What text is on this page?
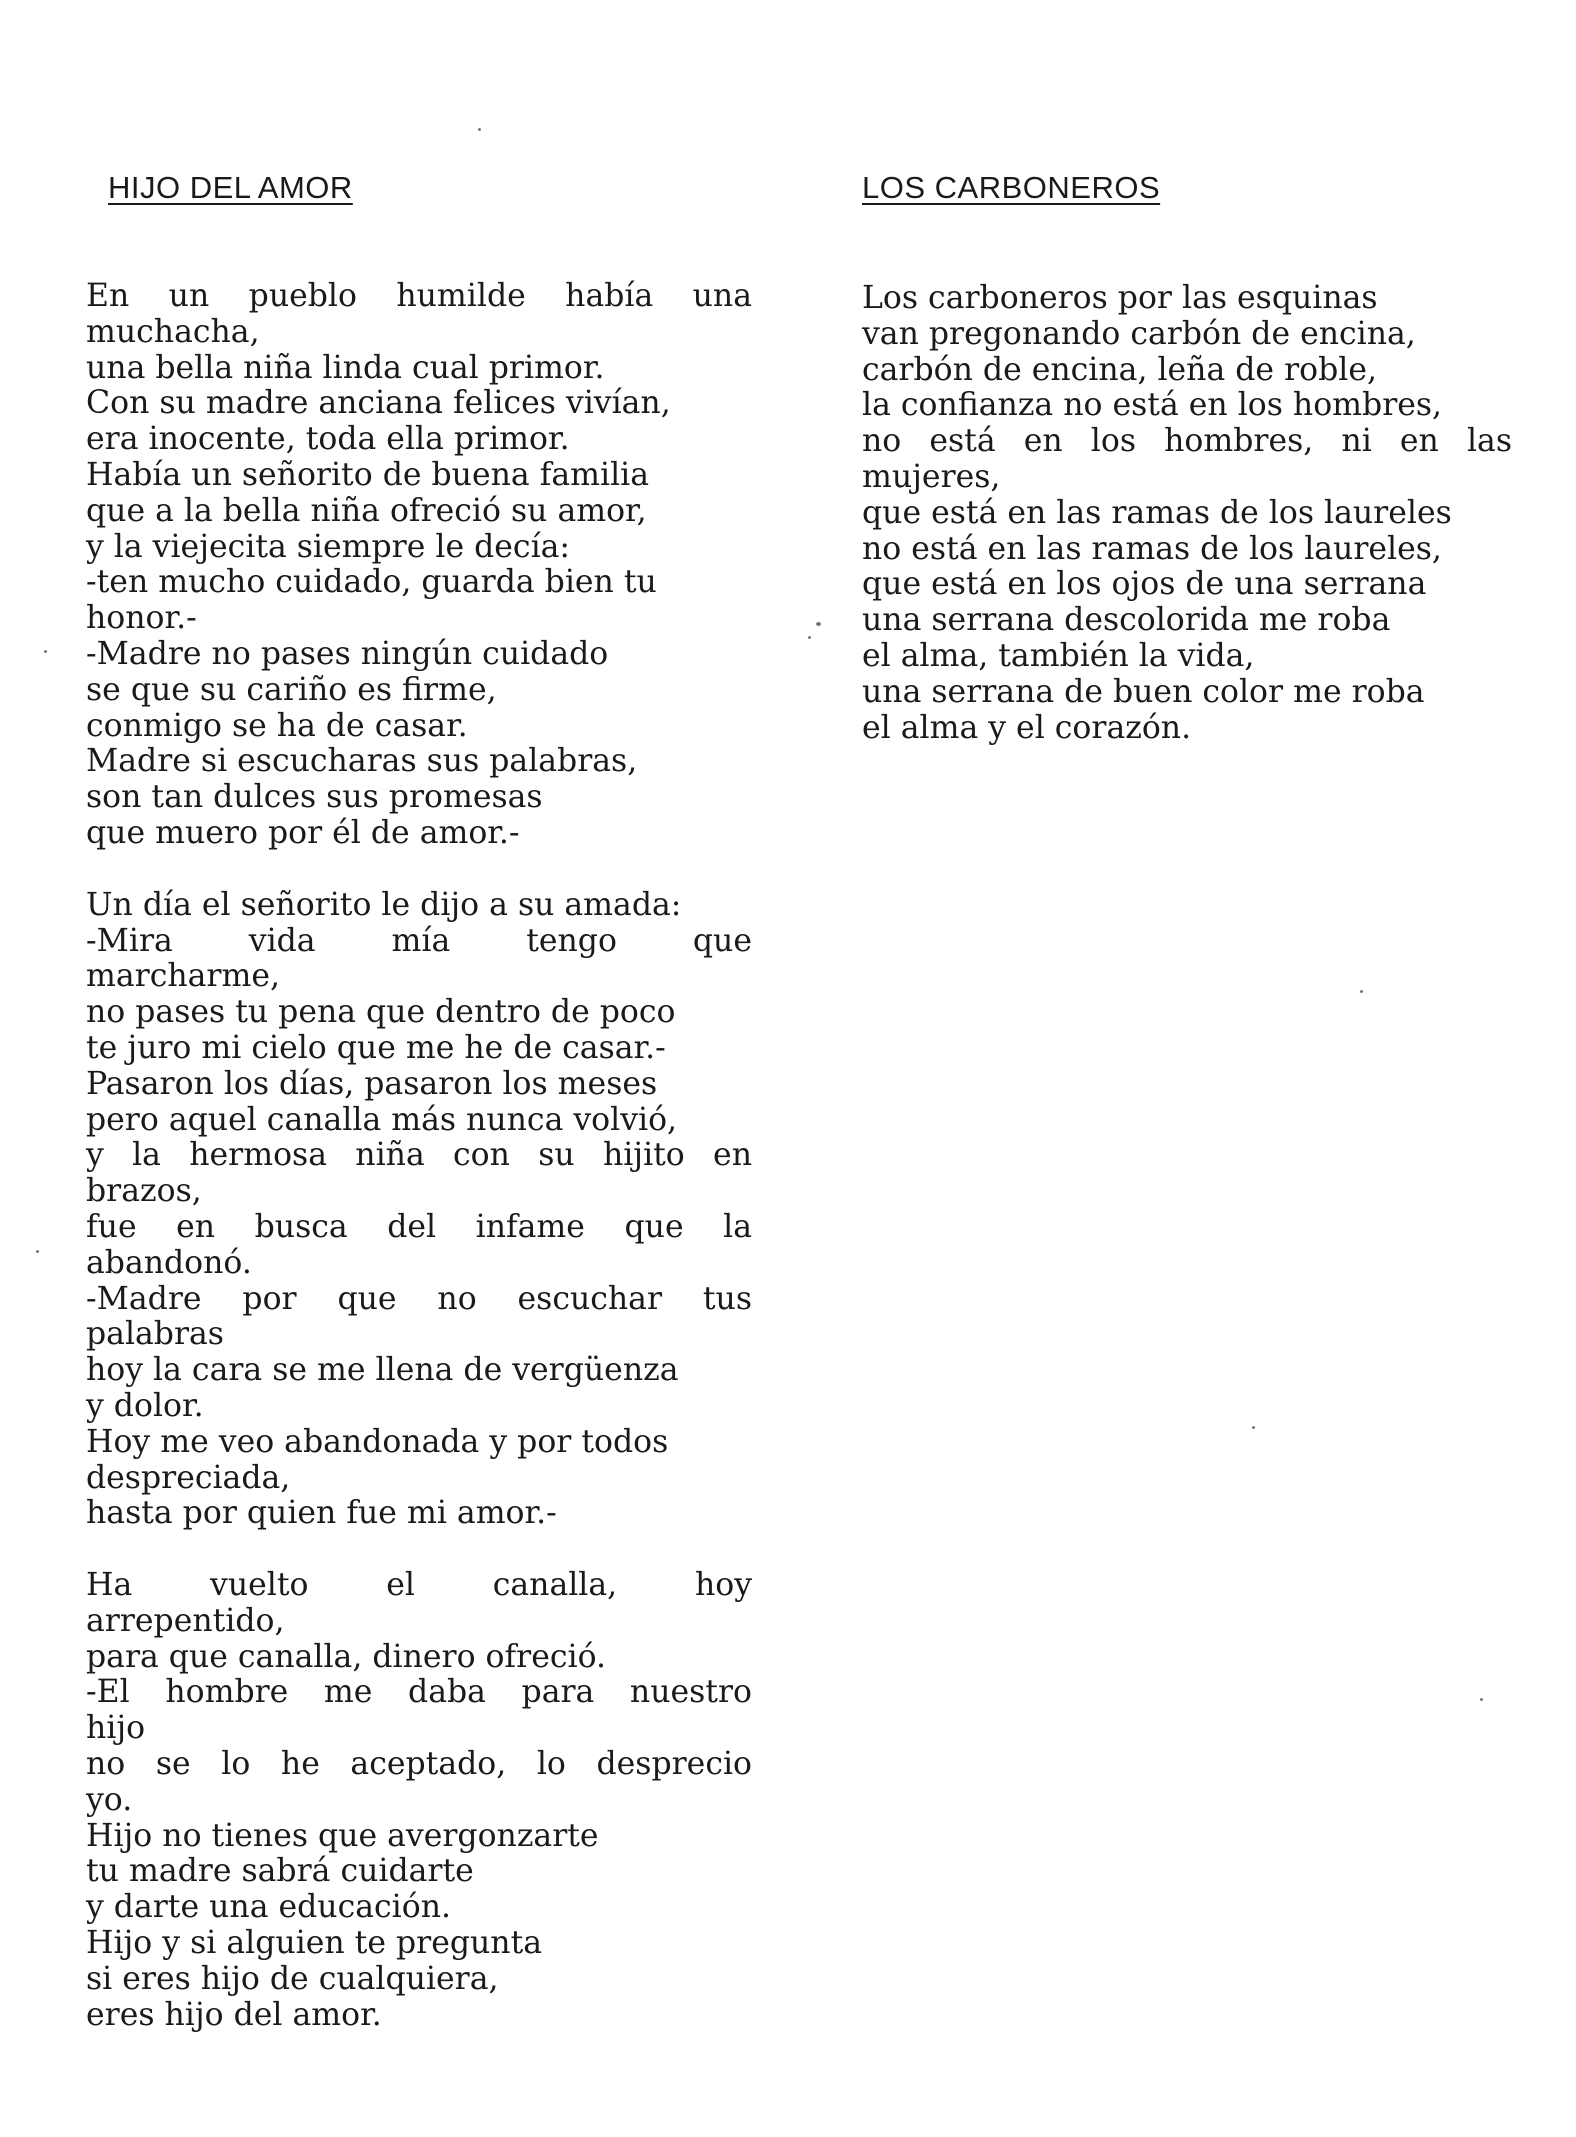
HIJO DEL AMOR
En un pueblo humilde había una
muchacha,
una bella niña linda cual primor.
Con su madre anciana felices vivían,
era inocente, toda ella primor.
Había un señorito de buena familia
que a la bella niña ofreció su amor,
y la viejecita siempre le decía:
-ten mucho cuidado, guarda bien tu
honor.-
-Madre no pases ningún cuidado
se que su cariño es firme,
conmigo se ha de casar.
Madre si escucharas sus palabras,
son tan dulces sus promesas
que muero por él de amor.-
Un día el señorito le dijo a su amada:
-Mira vida mía tengo que
marcharme,
no pases tu pena que dentro de poco
te juro mi cielo que me he de casar.-
Pasaron los días, pasaron los meses
pero aquel canalla más nunca volvió,
y la hermosa niña con su hijito en
brazos,
fue en busca del infame que la
abandonó.
-Madre por que no escuchar tus
palabras
hoy la cara se me llena de vergüenza
y dolor.
Hoy me veo abandonada y por todos
despreciada,
hasta por quien fue mi amor.-
Ha vuelto el canalla, hoy
arrepentido,
para que canalla, dinero ofreció.
-El hombre me daba para nuestro
hijo
no se lo he aceptado, lo desprecio
yo.
Hijo no tienes que avergonzarte
tu madre sabrá cuidarte
y darte una educación.
Hijo y si alguien te pregunta
si eres hijo de cualquiera,
eres hijo del amor.
LOS CARBONEROS
Los carboneros por las esquinas
van pregonando carbón de encina,
carbón de encina, leña de roble,
la confianza no está en los hombres,
no está en los hombres, ni en las
mujeres,
que está en las ramas de los laureles
no está en las ramas de los laureles,
que está en los ojos de una serrana
una serrana descolorida me roba
el alma, también la vida,
una serrana de buen color me roba
el alma y el corazón.
